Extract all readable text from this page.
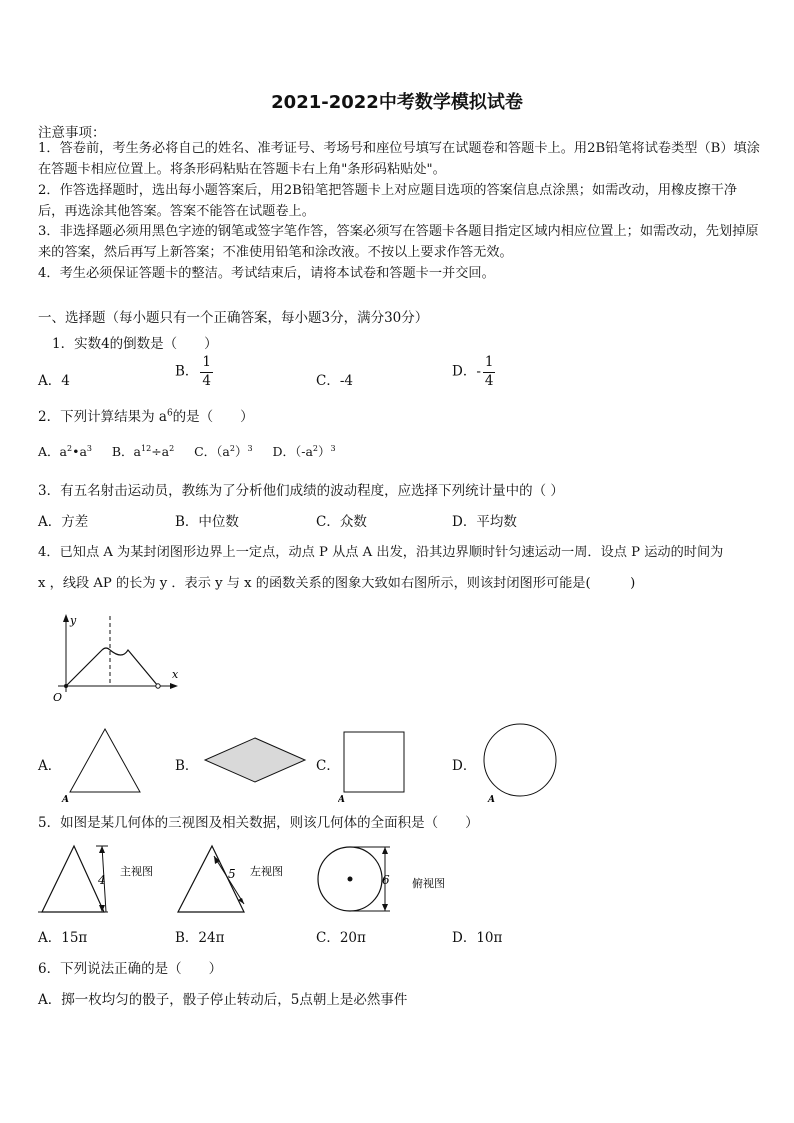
2021-2022中考数学模拟试卷
注意事项：
1．答卷前，考生务必将自己的姓名、准考证号、考场号和座位号填写在试题卷和答题卡上。用2B铅笔将试卷类型（B）填涂在答题卡相应位置上。将条形码粘贴在答题卡右上角"条形码粘贴处"。
2．作答选择题时，选出每小题答案后，用2B铅笔把答题卡上对应题目选项的答案信息点涂黑；如需改动，用橡皮擦干净后，再选涂其他答案。答案不能答在试题卷上。
3．非选择题必须用黑色字迹的钢笔或签字笔作答，答案必须写在答题卡各题目指定区域内相应位置上；如需改动，先划掉原来的答案，然后再写上新答案；不准使用铅笔和涂改液。不按以上要求作答无效。
4．考生必须保证答题卡的整洁。考试结束后，请将本试卷和答题卡一并交回。
一、选择题（每小题只有一个正确答案，每小题3分，满分30分）
1．实数4的倒数是（　　）
A．4
B． $\frac{1}{4}$	C．-4
D．- $\frac{1}{4}$
2．下列计算结果为 $a^6$的是（　　）
A．$a^2•a^3$ B．$a^{12}\div a^2$ C．$(a^2)^3$ D．$(-a^2)^3$
3．有五名射击运动员，教练为了分析他们成绩的波动程度，应选择下列统计量中的（ ）
A．方差	B．中位数	C．众数	D．平均数
4．已知点 A 为某封闭图形边界上一定点，动点 P 从点 A 出发，沿其边界顺时针匀速运动一周．设点 P 运动的时间为
x ，线段 AP 的长为 y ．表示 y 与 x 的函数关系的图象大致如右图所示，则该封闭图形可能是(　　　)
y
x
O
A．
A
B．	C．
A
D．
A
5．如图是某几何体的三视图及相关数据，则该几何体的全面积是（　　）
4
主视图	5 左视图
6 俯视图
A．15π	B．24π	C．20π	D．10π
6．下列说法正确的是（　　）
A．掷一枚均匀的骰子，骰子停止转动后，5点朝上是必然事件
